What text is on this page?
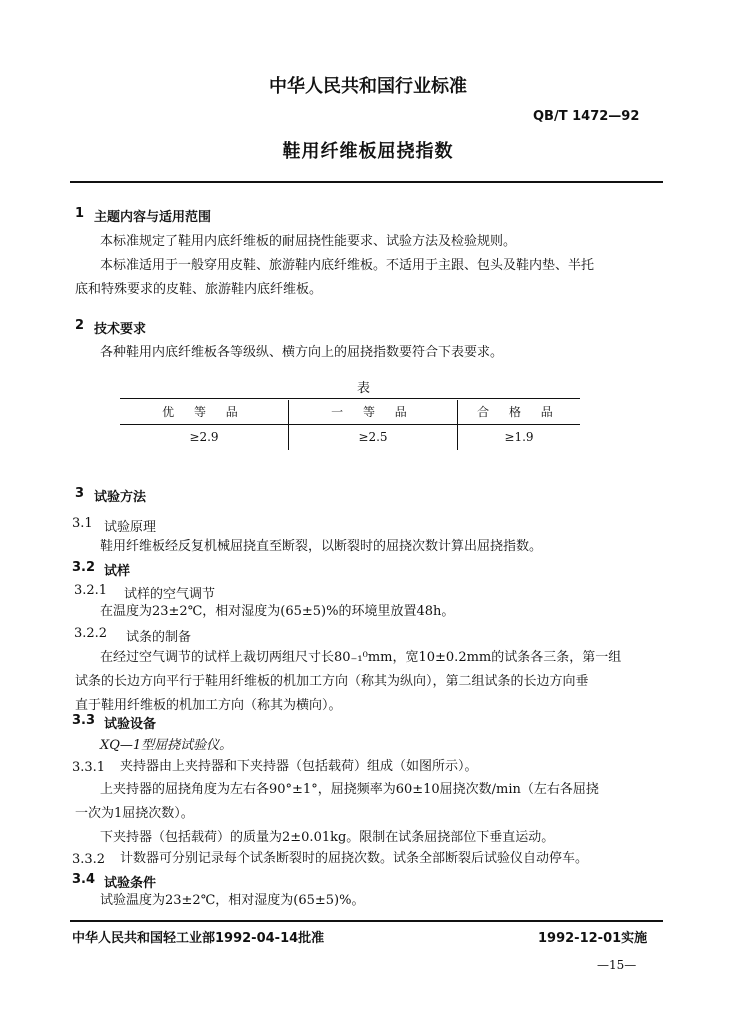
中华人民共和国行业标准
QB/T 1472—92
鞋用纤维板屈挠指数
1 主题内容与适用范围
本标准规定了鞋用内底纤维板的耐屈挠性能要求、试验方法及检验规则。
本标准适用于一般穿用皮鞋、旅游鞋内底纤维板。不适用于主跟、包头及鞋内垫、半托
底和特殊要求的皮鞋、旅游鞋内底纤维板。
2 技术要求
各种鞋用内底纤维板各等级纵、横方向上的屈挠指数要符合下表要求。
表
优 等 品	一 等 品	合 格 品
≥2.9	≥2.5	≥1.9
3 试验方法
3.1 试验原理
鞋用纤维板经反复机械屈挠直至断裂，以断裂时的屈挠次数计算出屈挠指数。
3.2 试样
3.2.1 试样的空气调节
在温度为23±2℃，相对湿度为(65±5)%的环境里放置48h。
3.2.2 试条的制备
在经过空气调节的试样上裁切两组尺寸长80₋₁⁰mm，宽10±0.2mm的试条各三条，第一组
试条的长边方向平行于鞋用纤维板的机加工方向（称其为纵向），第二组试条的长边方向垂
直于鞋用纤维板的机加工方向（称其为横向）。
3.3 试验设备
XQ—1型屈挠试验仪。
3.3.1 夹持器由上夹持器和下夹持器（包括载荷）组成（如图所示）。
上夹持器的屈挠角度为左右各90°±1°，屈挠频率为60±10屈挠次数/min（左右各屈挠
一次为1屈挠次数）。
下夹持器（包括载荷）的质量为2±0.01kg。限制在试条屈挠部位下垂直运动。
3.3.2 计数器可分别记录每个试条断裂时的屈挠次数。试条全部断裂后试验仪自动停车。
3.4 试验条件
试验温度为23±2℃，相对湿度为(65±5)%。
中华人民共和国轻工业部1992-04-14批准	1992-12-01实施
—15—
